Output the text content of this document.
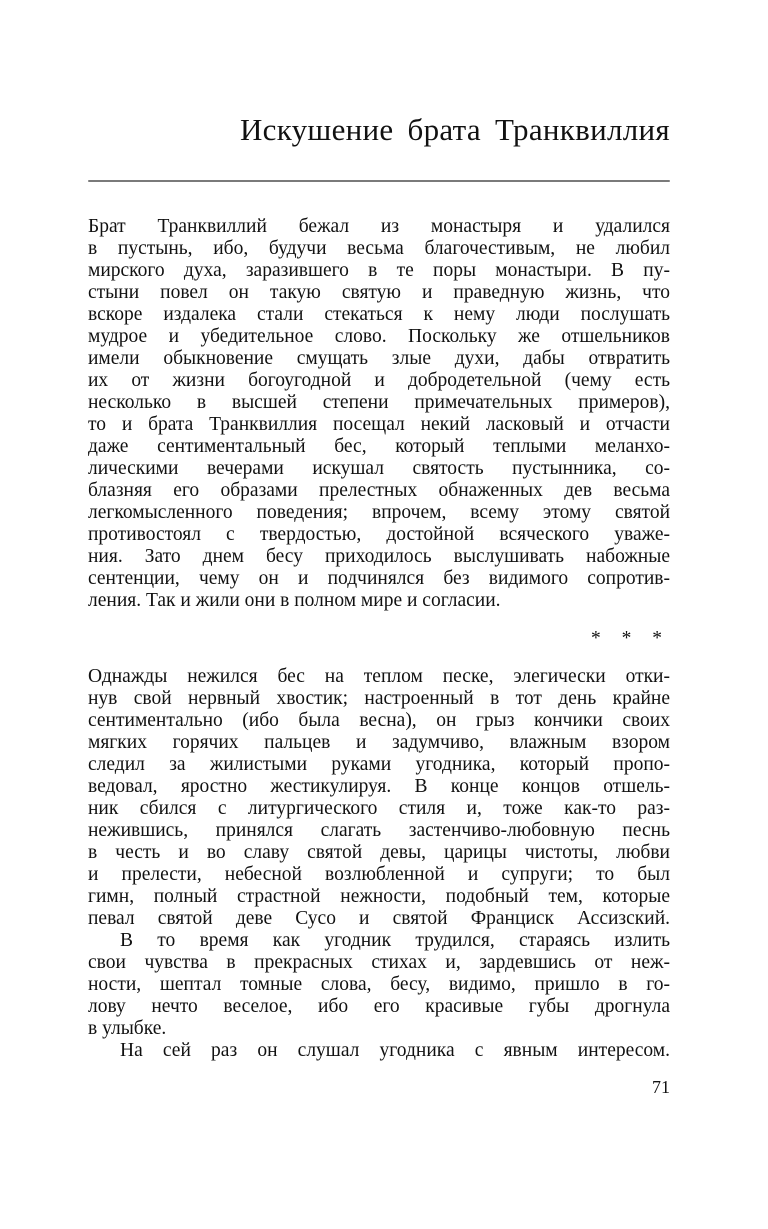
Искушение брата Транквиллия
Брат Транквиллий бежал из монастыря и удалился
в пустынь, ибо, будучи весьма благочестивым, не любил
мирского духа, заразившего в те поры монастыри. В пу-
стыни повел он такую святую и праведную жизнь, что
вскоре издалека стали стекаться к нему люди послушать
мудрое и убедительное слово. Поскольку же отшельников
имели обыкновение смущать злые духи, дабы отвратить
их от жизни богоугодной и добродетельной (чему есть
несколько в высшей степени примечательных примеров),
то и брата Транквиллия посещал некий ласковый и отчасти
даже сентиментальный бес, который теплыми меланхо-
лическими вечерами искушал святость пустынника, со-
блазняя его образами прелестных обнаженных дев весьма
легкомысленного поведения; впрочем, всему этому святой
противостоял с твердостью, достойной всяческого уваже-
ния. Зато днем бесу приходилось выслушивать набожные
сентенции, чему он и подчинялся без видимого сопротив-
ления. Так и жили они в полном мире и согласии.
* * *
Однажды нежился бес на теплом песке, элегически отки-
нув свой нервный хвостик; настроенный в тот день крайне
сентиментально (ибо была весна), он грыз кончики своих
мягких горячих пальцев и задумчиво, влажным взором
следил за жилистыми руками угодника, который пропо-
ведовал, яростно жестикулируя. В конце концов отшель-
ник сбился с литургического стиля и, тоже как-то раз-
нежившись, принялся слагать застенчиво-любовную песнь
в честь и во славу святой девы, царицы чистоты, любви
и прелести, небесной возлюбленной и супруги; то был
гимн, полный страстной нежности, подобный тем, которые
певал святой деве Сусо и святой Франциск Ассизский.
В то время как угодник трудился, стараясь излить
свои чувства в прекрасных стихах и, зардевшись от неж-
ности, шептал томные слова, бесу, видимо, пришло в го-
лову нечто веселое, ибо его красивые губы дрогнула
в улыбке.
На сей раз он слушал угодника с явным интересом.
71
